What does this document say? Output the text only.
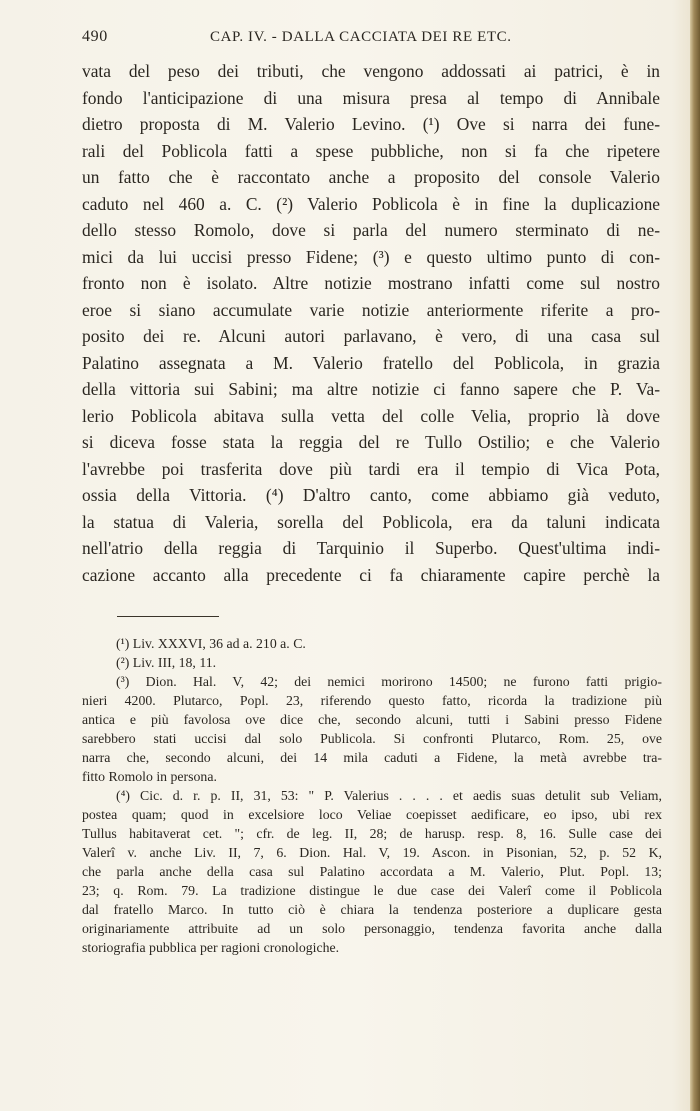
490	CAP. IV. - DALLA CACCIATA DEI RE ETC.
vata del peso dei tributi, che vengono addossati ai patrici, è in
fondo l'anticipazione di una misura presa al tempo di Annibale
dietro proposta di M. Valerio Levino. (¹) Ove si narra dei fune-
rali del Poblicola fatti a spese pubbliche, non si fa che ripetere
un fatto che è raccontato anche a proposito del console Valerio
caduto nel 460 a. C. (²) Valerio Poblicola è in fine la duplicazione
dello stesso Romolo, dove si parla del numero sterminato di ne-
mici da lui uccisi presso Fidene; (³) e questo ultimo punto di con-
fronto non è isolato. Altre notizie mostrano infatti come sul nostro
eroe si siano accumulate varie notizie anteriormente riferite a pro-
posito dei re. Alcuni autori parlavano, è vero, di una casa sul
Palatino assegnata a M. Valerio fratello del Poblicola, in grazia
della vittoria sui Sabini; ma altre notizie ci fanno sapere che P. Va-
lerio Poblicola abitava sulla vetta del colle Velia, proprio là dove
si diceva fosse stata la reggia del re Tullo Ostilio; e che Valerio
l'avrebbe poi trasferita dove più tardi era il tempio di Vica Pota,
ossia della Vittoria. (⁴) D'altro canto, come abbiamo già veduto,
la statua di Valeria, sorella del Poblicola, era da taluni indicata
nell'atrio della reggia di Tarquinio il Superbo. Quest'ultima indi-
cazione accanto alla precedente ci fa chiaramente capire perchè la
(¹) Liv. XXXVI, 36 ad a. 210 a. C.
(²) Liv. III, 18, 11.
(³) Dion. Hal. V, 42; dei nemici morirono 14500; ne furono fatti prigio-
nieri 4200. Plutarco, Popl. 23, riferendo questo fatto, ricorda la tradizione più
antica e più favolosa ove dice che, secondo alcuni, tutti i Sabini presso Fidene
sarebbero stati uccisi dal solo Publicola. Si confronti Plutarco, Rom. 25, ove
narra che, secondo alcuni, dei 14 mila caduti a Fidene, la metà avrebbe tra-
fitto Romolo in persona.
(⁴) Cic. d. r. p. II, 31, 53: " P. Valerius . . . . et aedis suas detulit sub Veliam,
postea quam; quod in excelsiore loco Veliae coepisset aedificare, eo ipso, ubi rex
Tullus habitaverat cet. "; cfr. de leg. II, 28; de harusp. resp. 8, 16. Sulle case dei
Valerî v. anche Liv. II, 7, 6. Dion. Hal. V, 19. Ascon. in Pisonian, 52, p. 52 K,
che parla anche della casa sul Palatino accordata a M. Valerio, Plut. Popl. 13;
23; q. Rom. 79. La tradizione distingue le due case dei Valerî come il Poblicola
dal fratello Marco. In tutto ciò è chiara la tendenza posteriore a duplicare gesta
originariamente attribuite ad un solo personaggio, tendenza favorita anche dalla
storiografia pubblica per ragioni cronologiche.
